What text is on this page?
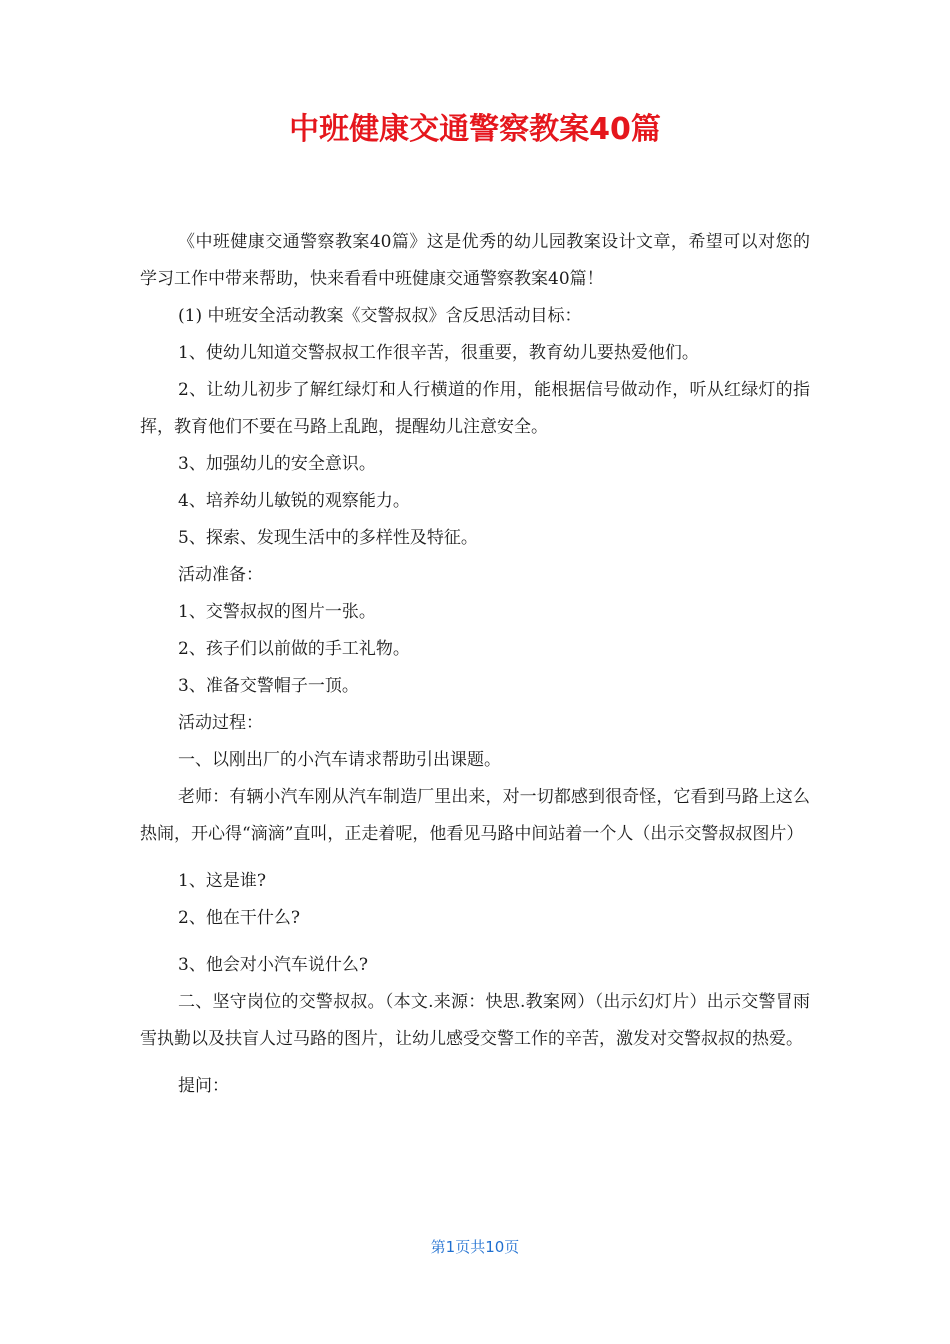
中班健康交通警察教案40篇

《中班健康交通警察教案40篇》这是优秀的幼儿园教案设计文章，希望可以对您的学习工作中带来帮助，快来看看中班健康交通警察教案40篇！

(1) 中班安全活动教案《交警叔叔》含反思活动目标：

1、使幼儿知道交警叔叔工作很辛苦，很重要，教育幼儿要热爱他们。

2、让幼儿初步了解红绿灯和人行横道的作用，能根据信号做动作，听从红绿灯的指挥，教育他们不要在马路上乱跑，提醒幼儿注意安全。

3、加强幼儿的安全意识。

4、培养幼儿敏锐的观察能力。

5、探索、发现生活中的多样性及特征。

活动准备：

1、交警叔叔的图片一张。

2、孩子们以前做的手工礼物。

3、准备交警帽子一顶。

活动过程：

一、以刚出厂的小汽车请求帮助引出课题。

老师：有辆小汽车刚从汽车制造厂里出来，对一切都感到很奇怪，它看到马路上这么热闹，开心得“滴滴”直叫，正走着呢，他看见马路中间站着一个人（出示交警叔叔图片）

1、这是谁?

2、他在干什么?

3、他会对小汽车说什么?

二、坚守岗位的交警叔叔。（本文.来源：快思.教案网）（出示幻灯片）出示交警冒雨雪执勤以及扶盲人过马路的图片，让幼儿感受交警工作的辛苦，激发对交警叔叔的热爱。

提问：

第1页共10页
